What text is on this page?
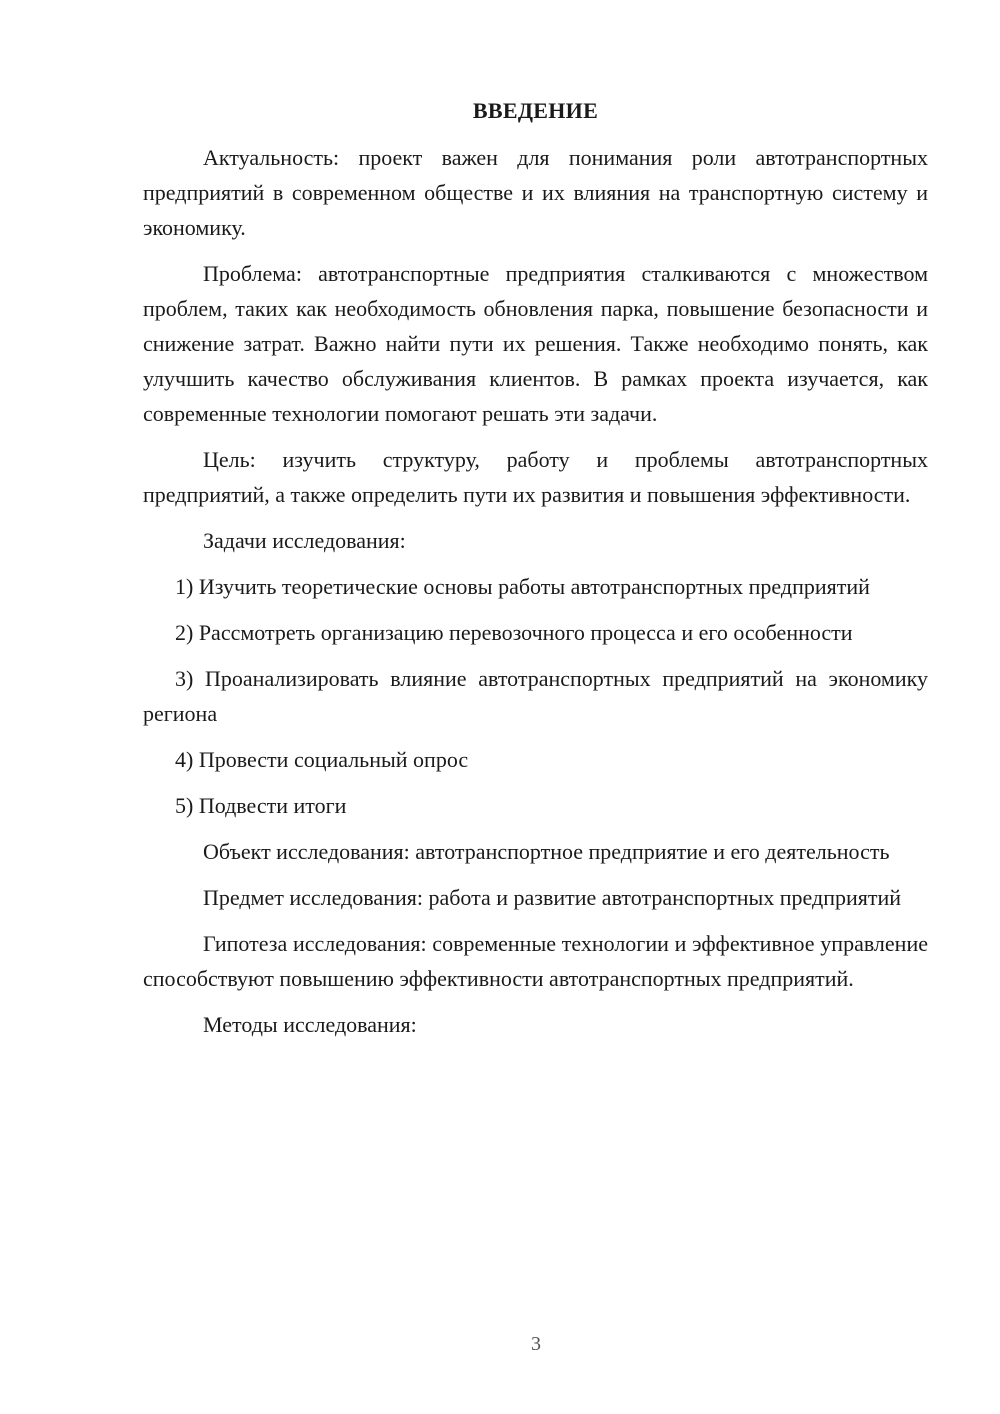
ВВЕДЕНИЕ

Актуальность: проект важен для понимания роли автотранспортных предприятий в современном обществе и их влияния на транспортную систему и экономику.

Проблема: автотранспортные предприятия сталкиваются с множеством проблем, таких как необходимость обновления парка, повышение безопасности и снижение затрат. Важно найти пути их решения. Также необходимо понять, как улучшить качество обслуживания клиентов. В рамках проекта изучается, как современные технологии помогают решать эти задачи.

Цель: изучить структуру, работу и проблемы автотранспортных предприятий, а также определить пути их развития и повышения эффективности.

Задачи исследования:

1) Изучить теоретические основы работы автотранспортных предприятий

2) Рассмотреть организацию перевозочного процесса и его особенности

3) Проанализировать влияние автотранспортных предприятий на экономику региона

4) Провести социальный опрос

5) Подвести итоги

Объект исследования: автотранспортное предприятие и его деятельность

Предмет исследования: работа и развитие автотранспортных предприятий

Гипотеза исследования: современные технологии и эффективное управление способствуют повышению эффективности автотранспортных предприятий.

Методы исследования:

3
